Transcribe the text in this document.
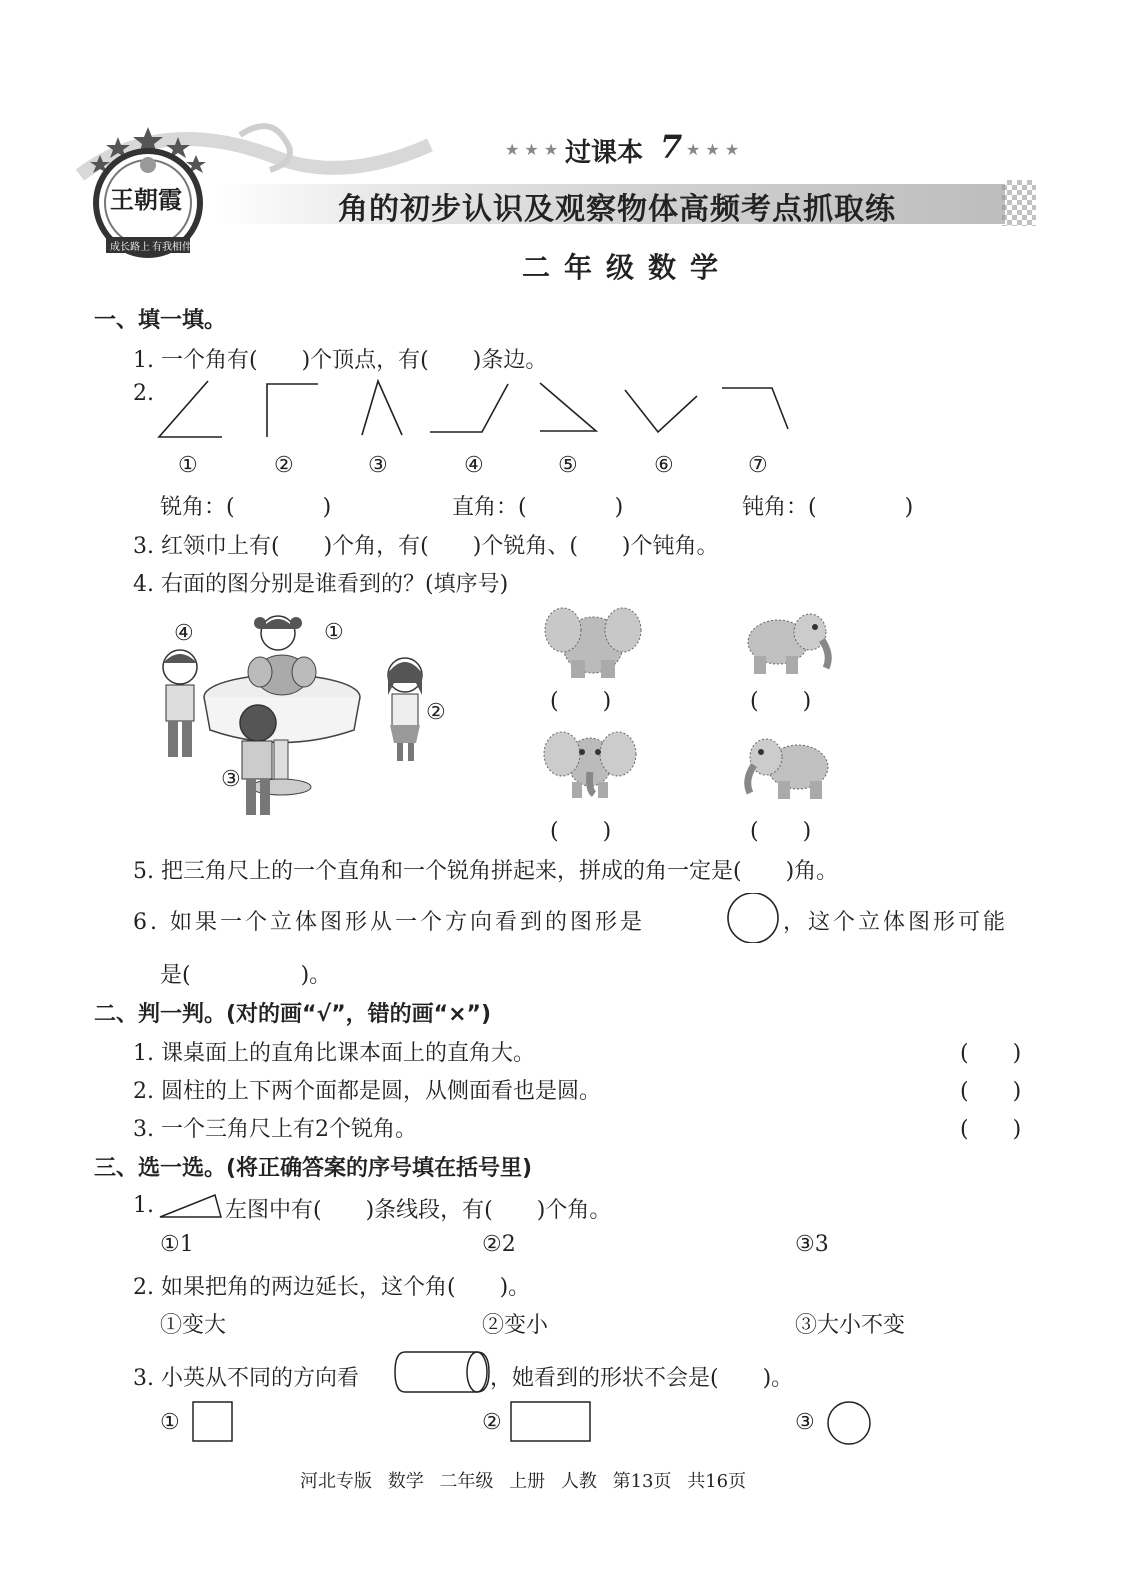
王朝霞
成长路上 有我相伴
★ ★ ★ 过课本 7 ★ ★ ★
角的初步认识及观察物体高频考点抓取练
二年级数学
一、填一填。
1. 一个角有(　　)个顶点，有(　　)条边。
2.
①	②	③	④	⑤	⑥	⑦
锐角：(　　　　)	直角：(　　　　)	钝角：(　　　　)
3. 红领巾上有(　　)个角，有(　　)个锐角、(　　)个钝角。
4. 右面的图分别是谁看到的？(填序号)
④	①
②
③
(　　)	(　　)
(　　)	(　　)
5. 把三角尺上的一个直角和一个锐角拼起来，拼成的角一定是(　　)角。
6. 如果一个立体图形从一个方向看到的图形是	，这个立体图形可能
是(　　　　　)。
二、判一判。(对的画“√”，错的画“×”)
1. 课桌面上的直角比课本面上的直角大。	(　　)
2. 圆柱的上下两个面都是圆，从侧面看也是圆。	(　　)
3. 一个三角尺上有2个锐角。	(　　)
三、选一选。(将正确答案的序号填在括号里)
1.	左图中有(　　)条线段，有(　　)个角。
①1	②2	③3
2. 如果把角的两边延长，这个角(　　)。
①变大	②变小	③大小不变
3. 小英从不同的方向看	，她看到的形状不会是(　　)。
①	②	③
河北专版 数学 二年级 上册 人教 第13页 共16页
